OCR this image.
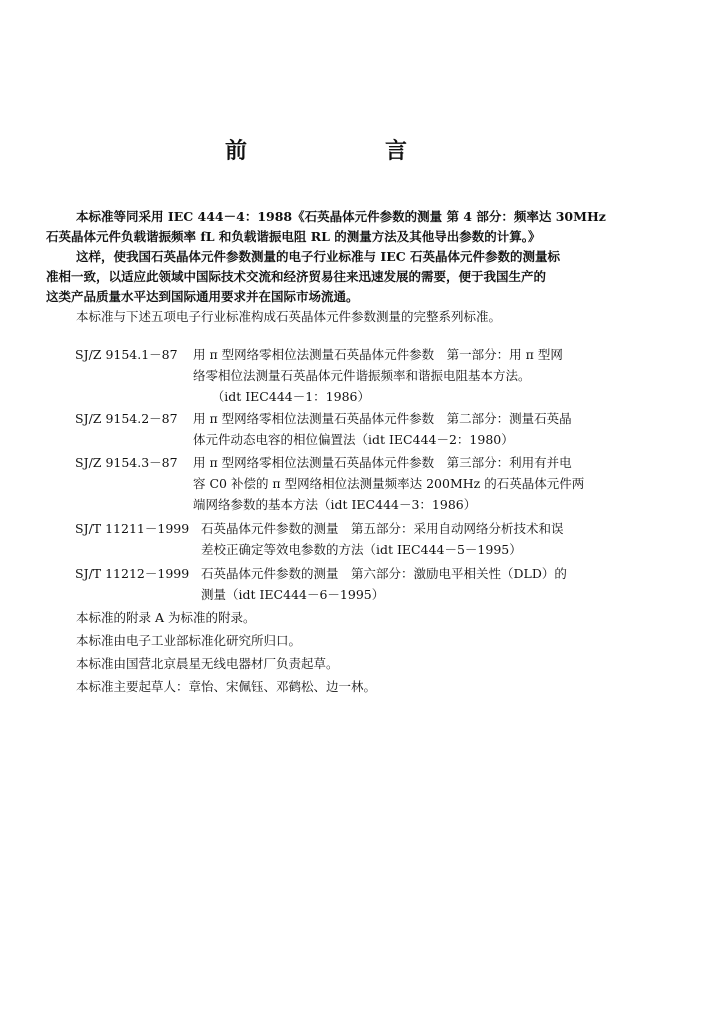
前　言
本标准等同采用 IEC 444－4：1988《石英晶体元件参数的测量 第 4 部分：频率达 30MHz
石英晶体元件负载谐振频率 fL 和负载谐振电阻 RL 的测量方法及其他导出参数的计算。》
这样，使我国石英晶体元件参数测量的电子行业标准与 IEC 石英晶体元件参数的测量标
准相一致，以适应此领域中国际技术交流和经济贸易往来迅速发展的需要，便于我国生产的
这类产品质量水平达到国际通用要求并在国际市场流通。
本标准与下述五项电子行业标准构成石英晶体元件参数测量的完整系列标准。
SJ/Z 9154.1－87 用 π 型网络零相位法测量石英晶体元件参数　第一部分：用 π 型网
络零相位法测量石英晶体元件谐振频率和谐振电阻基本方法。
　　（idt IEC444－1：1986）
SJ/Z 9154.2－87 用 π 型网络零相位法测量石英晶体元件参数　第二部分：测量石英晶
体元件动态电容的相位偏置法（idt IEC444－2：1980）
SJ/Z 9154.3－87 用 π 型网络零相位法测量石英晶体元件参数　第三部分：利用有并电
容 C0 补偿的 π 型网络相位法测量频率达 200MHz 的石英晶体元件两
端网络参数的基本方法（idt IEC444－3：1986）
SJ/T 11211－1999 石英晶体元件参数的测量　第五部分：采用自动网络分析技术和误
差校正确定等效电参数的方法（idt IEC444－5－1995）
SJ/T 11212－1999 石英晶体元件参数的测量　第六部分：激励电平相关性（DLD）的
测量（idt IEC444－6－1995）
本标准的附录 A 为标准的附录。
本标准由电子工业部标准化研究所归口。
本标准由国营北京晨星无线电器材厂负责起草。
本标准主要起草人：章怡、宋佩钰、邓鹤松、边一林。
